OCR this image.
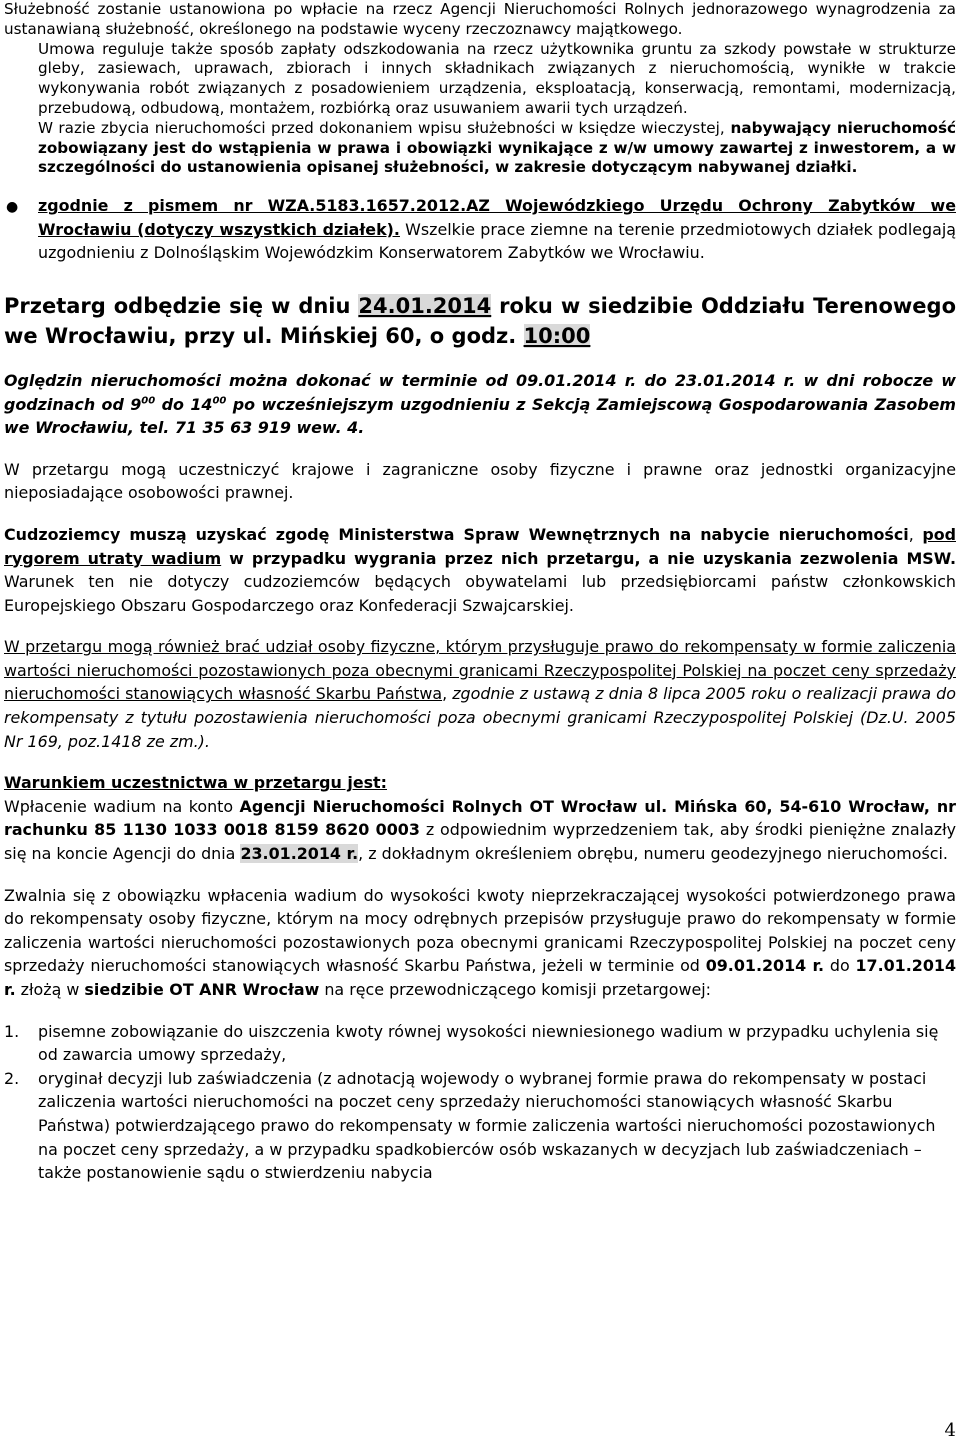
Służebność zostanie ustanowiona po wpłacie na rzecz Agencji Nieruchomości Rolnych jednorazowego wynagrodzenia za ustanawianą służebność, określonego na podstawie wyceny rzeczoznawcy majątkowego.

Umowa reguluje także sposób zapłaty odszkodowania na rzecz użytkownika gruntu za szkody powstałe w strukturze gleby, zasiewach, uprawach, zbiorach i innych składnikach związanych z nieruchomością, wynikłe w trakcie wykonywania robót związanych z posadowieniem urządzenia, eksploatacją, konserwacją, remontami, modernizacją, przebudową, odbudową, montażem, rozbiórką oraz usuwaniem awarii tych urządzeń.

W razie zbycia nieruchomości przed dokonaniem wpisu służebności w księdze wieczystej, nabywający nieruchomość zobowiązany jest do wstąpienia w prawa i obowiązki wynikające z w/w umowy zawartej z inwestorem, a w szczególności do ustanowienia opisanej służebności, w zakresie dotyczącym nabywanej działki.

● zgodnie z pismem nr WZA.5183.1657.2012.AZ Wojewódzkiego Urzędu Ochrony Zabytków we Wrocławiu (dotyczy wszystkich działek). Wszelkie prace ziemne na terenie przedmiotowych działek podlegają uzgodnieniu z Dolnośląskim Wojewódzkim Konserwatorem Zabytków we Wrocławiu.

Przetarg odbędzie się w dniu 24.01.2014 roku w siedzibie Oddziału Terenowego we Wrocławiu, przy ul. Mińskiej 60, o godz. 10:00

Oględzin nieruchomości można dokonać w terminie od 09.01.2014 r. do 23.01.2014 r. w dni robocze w godzinach od $9^{00}$ do $14^{00}$ po wcześniejszym uzgodnieniu z Sekcją Zamiejscową Gospodarowania Zasobem we Wrocławiu, tel. 71 35 63 919 wew. 4.

W przetargu mogą uczestniczyć krajowe i zagraniczne osoby fizyczne i prawne oraz jednostki organizacyjne nieposiadające osobowości prawnej.

Cudzoziemcy muszą uzyskać zgodę Ministerstwa Spraw Wewnętrznych na nabycie nieruchomości, pod rygorem utraty wadium w przypadku wygrania przez nich przetargu, a nie uzyskania zezwolenia MSW. Warunek ten nie dotyczy cudzoziemców będących obywatelami lub przedsiębiorcami państw członkowskich Europejskiego Obszaru Gospodarczego oraz Konfederacji Szwajcarskiej.

W przetargu mogą również brać udział osoby fizyczne, którym przysługuje prawo do rekompensaty w formie zaliczenia wartości nieruchomości pozostawionych poza obecnymi granicami Rzeczypospolitej Polskiej na poczet ceny sprzedaży nieruchomości stanowiących własność Skarbu Państwa, zgodnie z ustawą z dnia 8 lipca 2005 roku o realizacji prawa do rekompensaty z tytułu pozostawienia nieruchomości poza obecnymi granicami Rzeczypospolitej Polskiej (Dz.U. 2005 Nr 169, poz.1418 ze zm.).

Warunkiem uczestnictwa w przetargu jest:

Wpłacenie wadium na konto Agencji Nieruchomości Rolnych OT Wrocław ul. Mińska 60, 54-610 Wrocław, nr rachunku 85 1130 1033 0018 8159 8620 0003 z odpowiednim wyprzedzeniem tak, aby środki pieniężne znalazły się na koncie Agencji do dnia 23.01.2014 r., z dokładnym określeniem obrębu, numeru geodezyjnego nieruchomości.

Zwalnia się z obowiązku wpłacenia wadium do wysokości kwoty nieprzekraczającej wysokości potwierdzonego prawa do rekompensaty osoby fizyczne, którym na mocy odrębnych przepisów przysługuje prawo do rekompensaty w formie zaliczenia wartości nieruchomości pozostawionych poza obecnymi granicami Rzeczypospolitej Polskiej na poczet ceny sprzedaży nieruchomości stanowiących własność Skarbu Państwa, jeżeli w terminie od 09.01.2014 r. do 17.01.2014 r. złożą w siedzibie OT ANR Wrocław na ręce przewodniczącego komisji przetargowej:

1. pisemne zobowiązanie do uiszczenia kwoty równej wysokości niewniesionego wadium w przypadku uchylenia się od zawarcia umowy sprzedaży,
2. oryginał decyzji lub zaświadczenia (z adnotacją wojewody o wybranej formie prawa do rekompensaty w postaci zaliczenia wartości nieruchomości na poczet ceny sprzedaży nieruchomości stanowiących własność Skarbu Państwa) potwierdzającego prawo do rekompensaty w formie zaliczenia wartości nieruchomości pozostawionych na poczet ceny sprzedaży, a w przypadku spadkobierców osób wskazanych w decyzjach lub zaświadczeniach – także postanowienie sądu o stwierdzeniu nabycia
4
